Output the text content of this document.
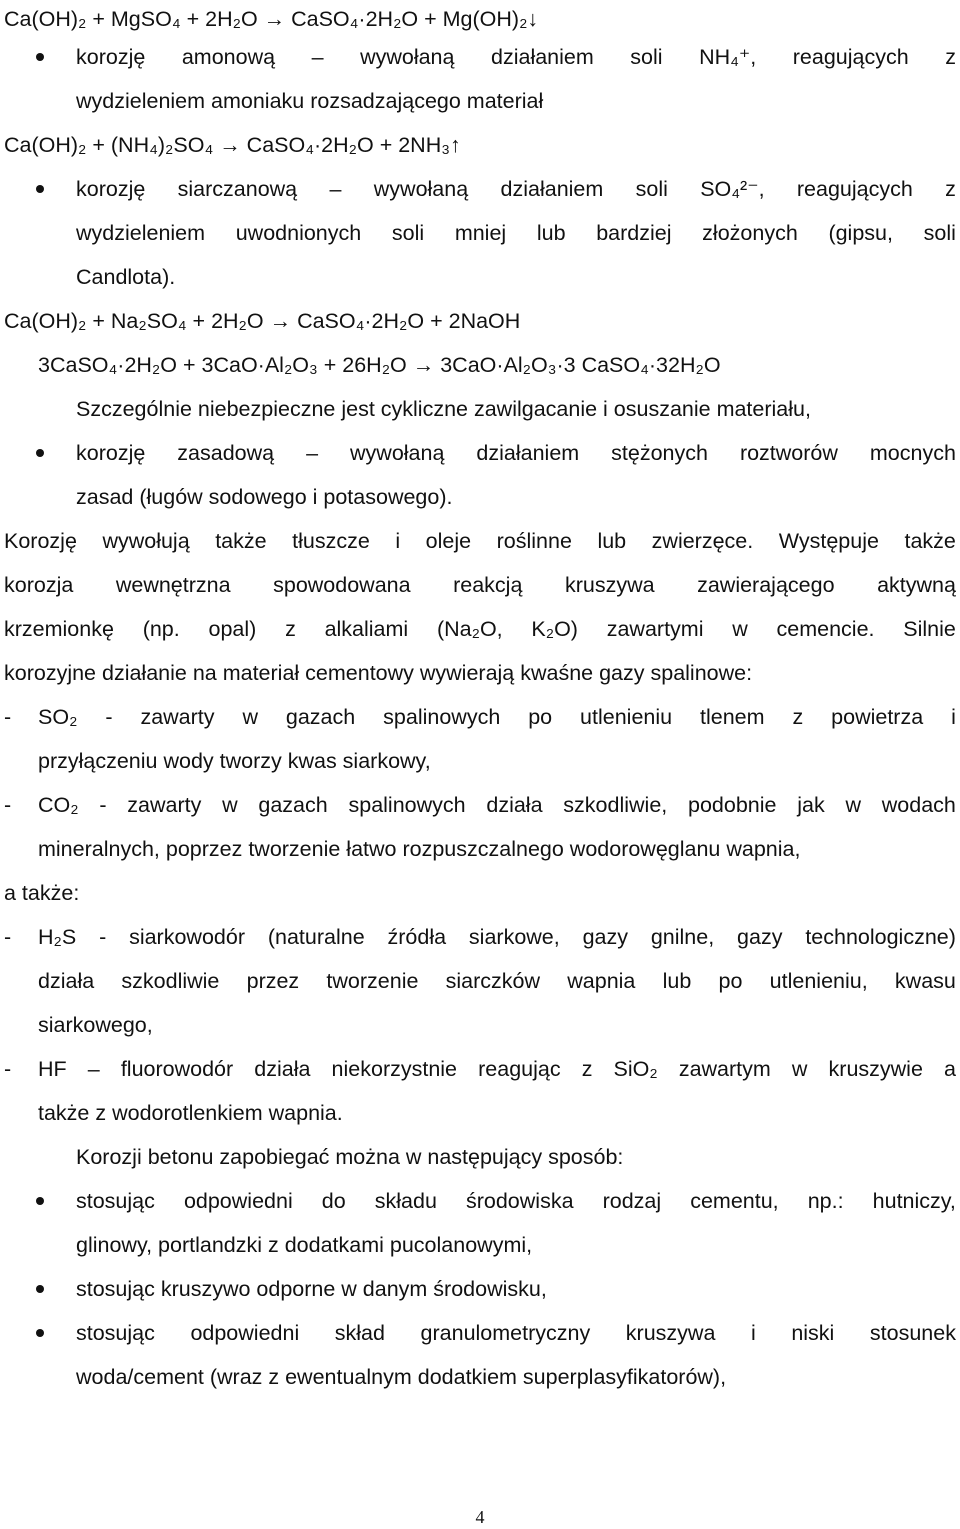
Ca(OH)₂ + MgSO₄ + 2H₂O → CaSO₄·2H₂O + Mg(OH)₂↓
korozję amonową – wywołaną działaniem soli NH₄⁺, reagujących z
wydzieleniem amoniaku rozsadzającego materiał
Ca(OH)₂ + (NH₄)₂SO₄ → CaSO₄·2H₂O + 2NH₃↑
korozję siarczanową – wywołaną działaniem soli SO₄²⁻, reagujących z
wydzieleniem uwodnionych soli mniej lub bardziej złożonych (gipsu, soli
Candlota).
Ca(OH)₂ + Na₂SO₄ + 2H₂O → CaSO₄·2H₂O + 2NaOH
3CaSO₄·2H₂O + 3CaO·Al₂O₃ + 26H₂O → 3CaO·Al₂O₃·3 CaSO₄·32H₂O
Szczególnie niebezpieczne jest cykliczne zawilgacanie i osuszanie materiału,
korozję zasadową – wywołaną działaniem stężonych roztworów mocnych
zasad (ługów sodowego i potasowego).
Korozję wywołują także tłuszcze i oleje roślinne lub zwierzęce. Występuje także
korozja wewnętrzna spowodowana reakcją kruszywa zawierającego aktywną
krzemionkę (np. opal) z alkaliami (Na₂O, K₂O) zawartymi w cemencie. Silnie
korozyjne działanie na materiał cementowy wywierają kwaśne gazy spalinowe:
-	SO₂ - zawarty w gazach spalinowych po utlenieniu tlenem z powietrza i
przyłączeniu wody tworzy kwas siarkowy,
-	CO₂ - zawarty w gazach spalinowych działa szkodliwie, podobnie jak w wodach
mineralnych, poprzez tworzenie łatwo rozpuszczalnego wodorowęglanu wapnia,
a także:
-	H₂S - siarkowodór (naturalne źródła siarkowe, gazy gnilne, gazy technologiczne)
działa szkodliwie przez tworzenie siarczków wapnia lub po utlenieniu, kwasu
siarkowego,
-	HF – fluorowodór działa niekorzystnie reagując z SiO₂ zawartym w kruszywie a
także z wodorotlenkiem wapnia.
Korozji betonu zapobiegać można w następujący sposób:
stosując odpowiedni do składu środowiska rodzaj cementu, np.: hutniczy,
glinowy, portlandzki z dodatkami pucolanowymi,
stosując kruszywo odporne w danym środowisku,
stosując odpowiedni skład granulometryczny kruszywa i niski stosunek
woda/cement (wraz z ewentualnym dodatkiem superplasyfikatorów),
4
